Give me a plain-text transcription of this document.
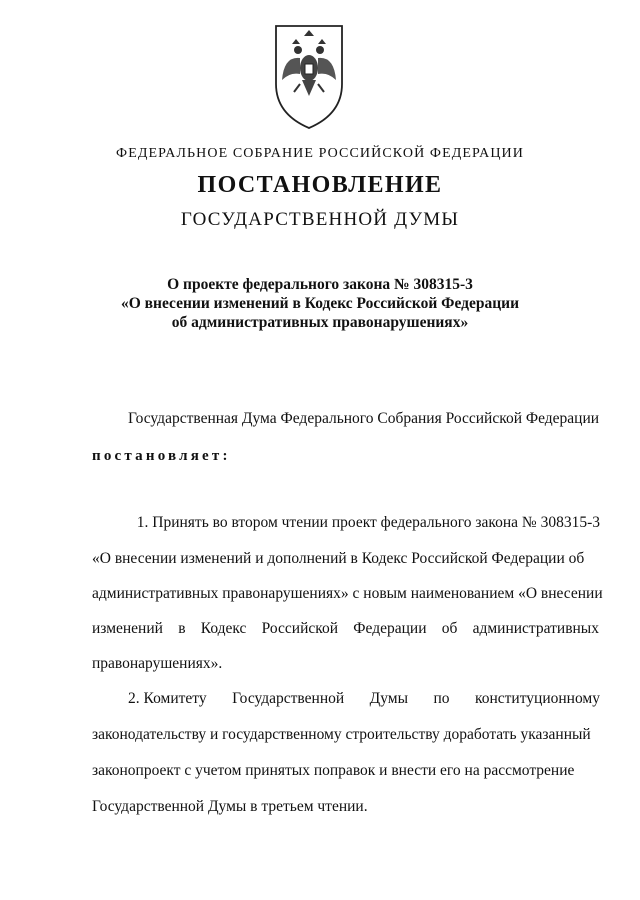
ФЕДЕРАЛЬНОЕ СОБРАНИЕ РОССИЙСКОЙ ФЕДЕРАЦИИ
ПОСТАНОВЛЕНИЕ
ГОСУДАРСТВЕННОЙ ДУМЫ
О проекте федерального закона № 308315-3
«О внесении изменений в Кодекс Российской Федерации
об административных правонарушениях»
Государственная Дума Федерального Собрания Российской Федерации
постановляет:
1. Принять во втором чтении проект федерального закона № 308315-3
«О внесении изменений и дополнений в Кодекс Российской Федерации об
административных правонарушениях» с новым наименованием «О внесении
изменений в Кодекс Российской Федерации об административных
правонарушениях».
2. Комитету Государственной Думы по конституционному
законодательству и государственному строительству доработать указанный
законопроект с учетом принятых поправок и внести его на рассмотрение
Государственной Думы в третьем чтении.
